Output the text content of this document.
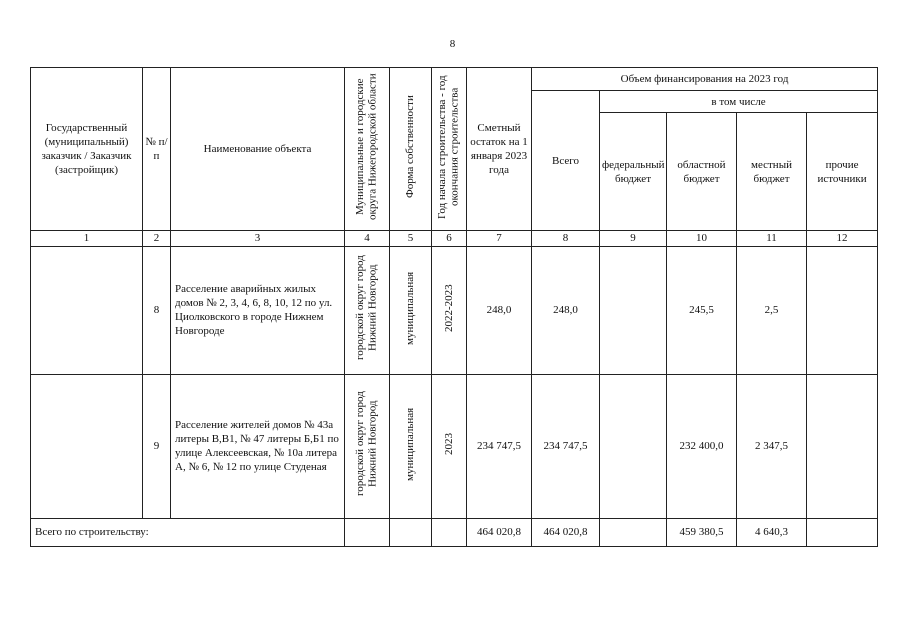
8
Государственный (муниципальный) заказчик / Заказчик (застройщик)	№ п/п	Наименование объекта	Муниципальные и городские округа Нижегородской области	Форма собственности	Год начала строительства - год окончания строительства	Сметный остаток на 1 января 2023 года	Объем финансирования на 2023 год				
							Всего	в том числе			
								федеральный бюджет	областной бюджет	местный бюджет	прочие источники
1	2	3	4	5	6	7	8	9	10	11	12
	8	Расселение аварийных жилых домов № 2, 3, 4, 6, 8, 10, 12 по ул. Циолковского в городе Нижнем Новгороде	городской округ город Нижний Новгород	муниципальная	2022-2023	248,0	248,0		245,5	2,5	
	9	Расселение жителей домов № 43а литеры В,В1, № 47 литеры Б,Б1 по улице Алексеевская, № 10а литера А, № 6, № 12 по улице Студеная	городской округ город Нижний Новгород	муниципальная	2023	234 747,5	234 747,5		232 400,0	2 347,5	
Всего по строительству:						464 020,8	464 020,8		459 380,5	4 640,3	
